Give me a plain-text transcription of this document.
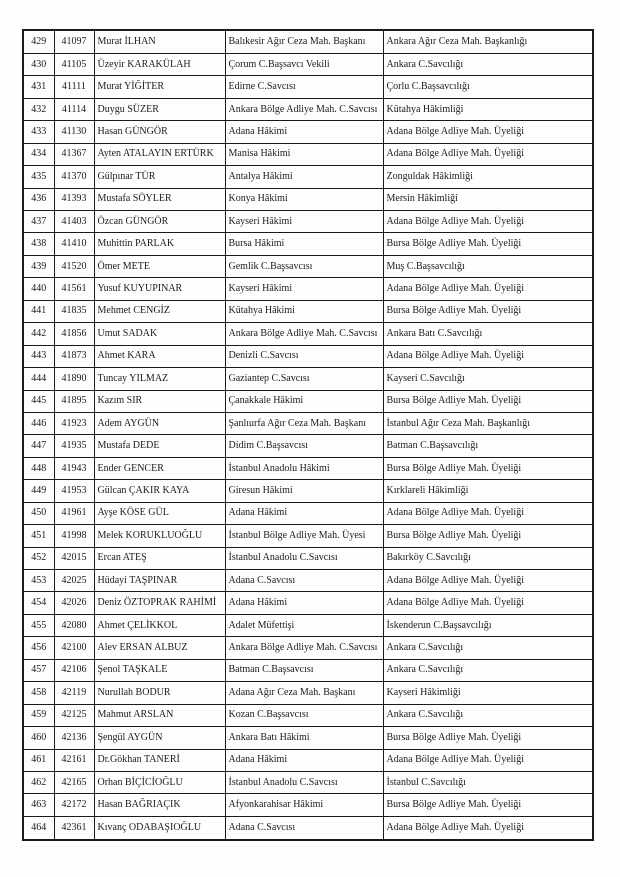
429	41097	Murat İLHAN	Balıkesir Ağır Ceza Mah. Başkanı	Ankara Ağır Ceza Mah. Başkanlığı
430	41105	Üzeyir KARAKÜLAH	Çorum C.Başsavcı Vekili	Ankara C.Savcılığı
431	41111	Murat YİĞİTER	Edirne C.Savcısı	Çorlu C.Başsavcılığı
432	41114	Duygu SÜZER	Ankara Bölge Adliye Mah. C.Savcısı	Kütahya Hâkimliği
433	41130	Hasan GÜNGÖR	Adana Hâkimi	Adana Bölge Adliye Mah. Üyeliği
434	41367	Ayten ATALAYIN ERTÜRK	Manisa Hâkimi	Adana Bölge Adliye Mah. Üyeliği
435	41370	Gülpınar TÜR	Antalya Hâkimi	Zonguldak Hâkimliği
436	41393	Mustafa SÖYLER	Konya Hâkimi	Mersin Hâkimliği
437	41403	Özcan GÜNGÖR	Kayseri Hâkimi	Adana Bölge Adliye Mah. Üyeliği
438	41410	Muhittin PARLAK	Bursa Hâkimi	Bursa Bölge Adliye Mah. Üyeliği
439	41520	Ömer METE	Gemlik C.Başsavcısı	Muş C.Başsavcılığı
440	41561	Yusuf KUYUPINAR	Kayseri Hâkimi	Adana Bölge Adliye Mah. Üyeliği
441	41835	Mehmet CENGİZ	Kütahya Hâkimi	Bursa Bölge Adliye Mah. Üyeliği
442	41856	Umut SADAK	Ankara Bölge Adliye Mah. C.Savcısı	Ankara Batı C.Savcılığı
443	41873	Ahmet KARA	Denizli C.Savcısı	Adana Bölge Adliye Mah. Üyeliği
444	41890	Tuncay YILMAZ	Gaziantep C.Savcısı	Kayseri C.Savcılığı
445	41895	Kazım SIR	Çanakkale Hâkimi	Bursa Bölge Adliye Mah. Üyeliği
446	41923	Adem AYGÜN	Şanlıurfa Ağır Ceza Mah. Başkanı	İstanbul Ağır Ceza Mah. Başkanlığı
447	41935	Mustafa DEDE	Didim C.Başsavcısı	Batman C.Başsavcılığı
448	41943	Ender GENCER	İstanbul Anadolu Hâkimi	Bursa Bölge Adliye Mah. Üyeliği
449	41953	Gülcan ÇAKIR KAYA	Giresun Hâkimi	Kırklareli Hâkimliği
450	41961	Ayşe KÖSE GÜL	Adana Hâkimi	Adana Bölge Adliye Mah. Üyeliği
451	41998	Melek KORUKLUOĞLU	İstanbul Bölge Adliye Mah. Üyesi	Bursa Bölge Adliye Mah. Üyeliği
452	42015	Ercan ATEŞ	İstanbul Anadolu C.Savcısı	Bakırköy C.Savcılığı
453	42025	Hüdayi TAŞPINAR	Adana C.Savcısı	Adana Bölge Adliye Mah. Üyeliği
454	42026	Deniz ÖZTOPRAK RAHİMİ	Adana Hâkimi	Adana Bölge Adliye Mah. Üyeliği
455	42080	Ahmet ÇELİKKOL	Adalet Müfettişi	İskenderun C.Başsavcılığı
456	42100	Alev ERSAN ALBUZ	Ankara Bölge Adliye Mah. C.Savcısı	Ankara C.Savcılığı
457	42106	Şenol TAŞKALE	Batman C.Başsavcısı	Ankara C.Savcılığı
458	42119	Nurullah BODUR	Adana Ağır Ceza Mah. Başkanı	Kayseri Hâkimliği
459	42125	Mahmut ARSLAN	Kozan C.Başsavcısı	Ankara C.Savcılığı
460	42136	Şengül AYGÜN	Ankara Batı Hâkimi	Bursa Bölge Adliye Mah. Üyeliği
461	42161	Dr.Gökhan TANERİ	Adana Hâkimi	Adana Bölge Adliye Mah. Üyeliği
462	42165	Orhan BİÇİCİOĞLU	İstanbul Anadolu C.Savcısı	İstanbul C.Savcılığı
463	42172	Hasan BAĞRIAÇIK	Afyonkarahisar Hâkimi	Bursa Bölge Adliye Mah. Üyeliği
464	42361	Kıvanç ODABAŞIOĞLU	Adana C.Savcısı	Adana Bölge Adliye Mah. Üyeliği
